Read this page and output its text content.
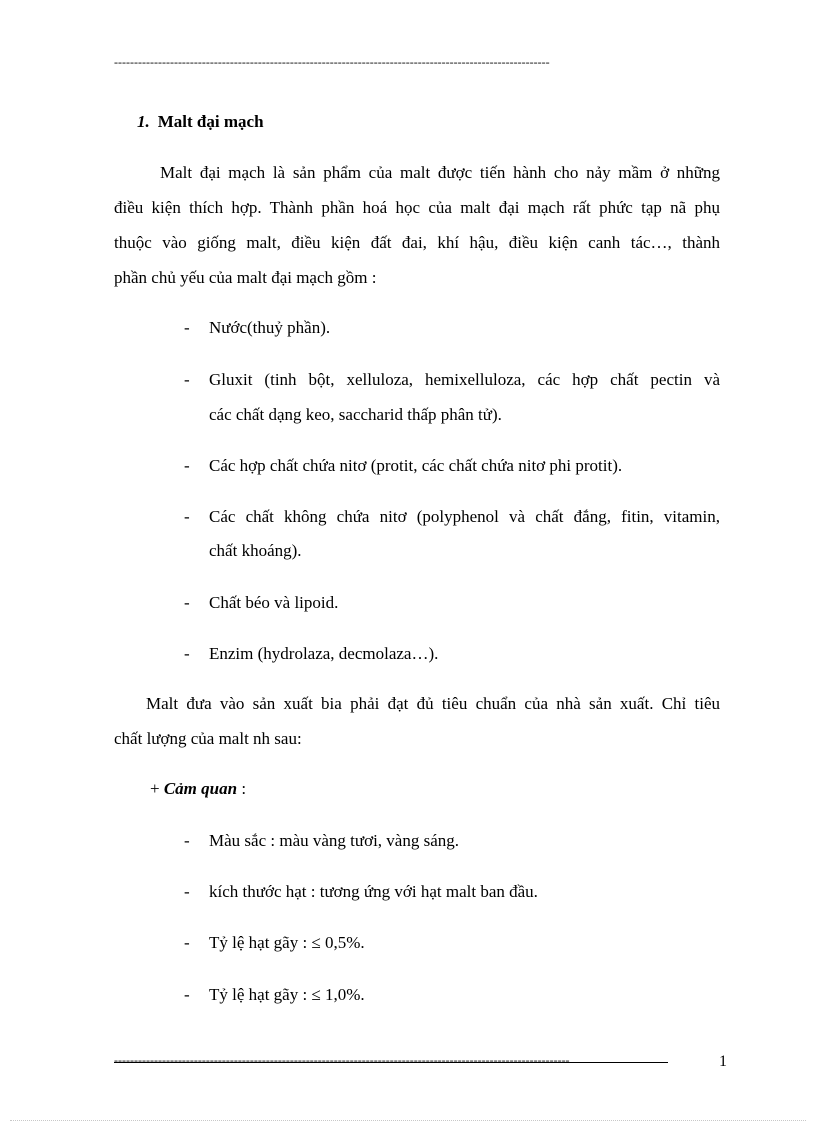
-------------------------------------------------------------------------------------------------------------
1. Malt đại mạch
Malt đại mạch là sản phẩm của malt được tiến hành cho nảy mầm ở những
điều kiện thích hợp. Thành phần hoá học của malt đại mạch rất phức tạp nã phụ
thuộc vào giống malt, điều kiện đất đai, khí hậu, điều kiện canh tác…, thành
phần chủ yếu của malt đại mạch gồm :
- Nước(thuỷ phần).
- Gluxit (tinh bột, xelluloza, hemixelluloza, các hợp chất pectin và
các chất dạng keo, saccharid thấp phân tử).
- Các hợp chất chứa nitơ (protit, các chất chứa nitơ phi protit).
- Các chất không chứa nitơ (polyphenol và chất đắng, fitin, vitamin,
chất khoáng).
- Chất béo và lipoid.
- Enzim (hydrolaza, decmolaza…).
Malt đưa vào sản xuất bia phải đạt đủ tiêu chuẩn của nhà sản xuất. Chỉ tiêu
chất lượng của malt nh sau:
+ Cảm quan :
- Màu sắc : màu vàng tươi, vàng sáng.
- kích thước hạt : tương ứng với hạt malt ban đầu.
- Tỷ lệ hạt gãy : ≤ 0,5%.
- Tỷ lệ hạt gãy : ≤ 1,0%.
------------------------------------------------------------------------------------------------------------------	1
